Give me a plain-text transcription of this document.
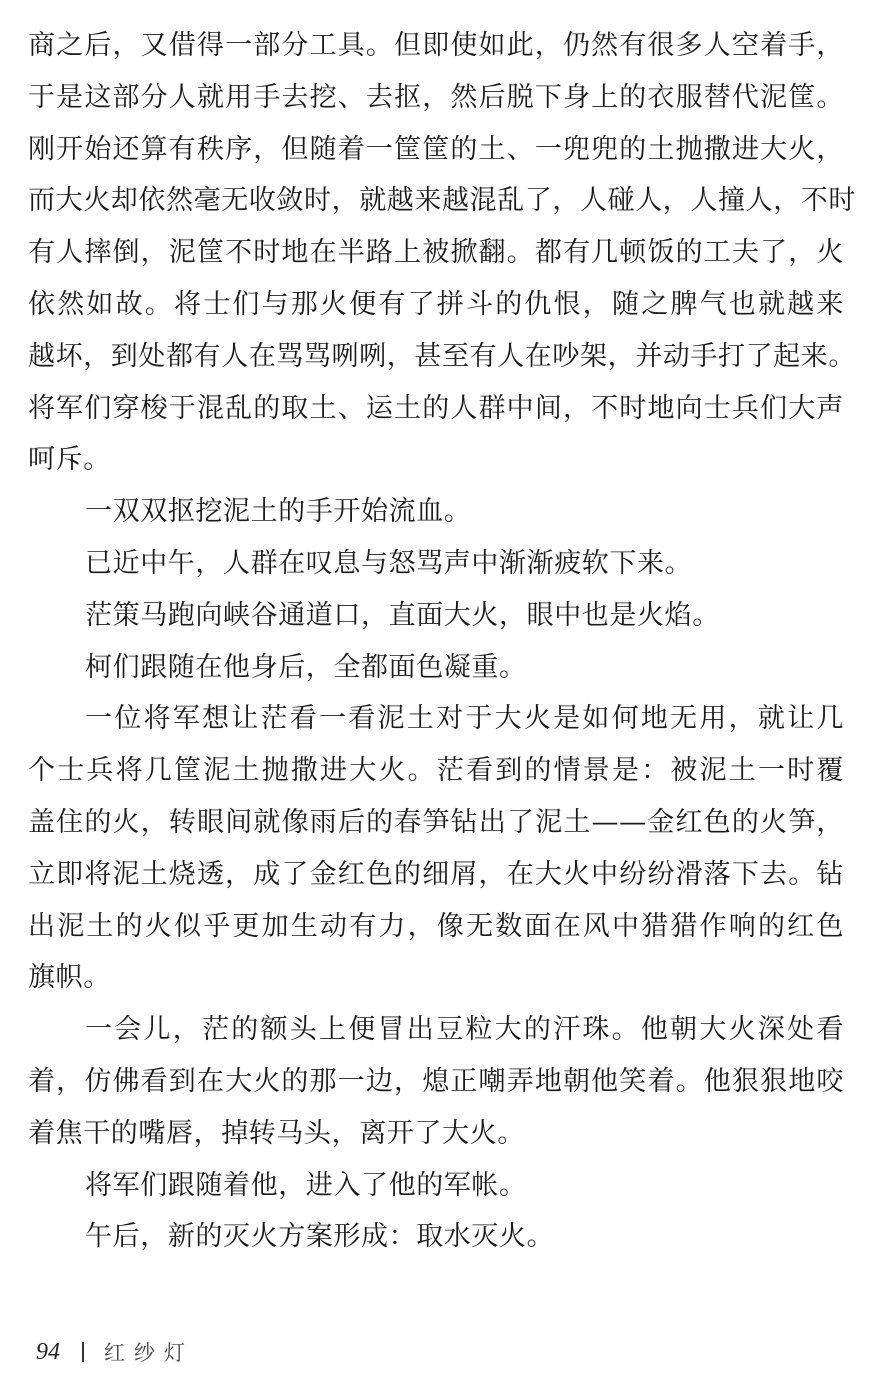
商之后，又借得一部分工具。但即使如此，仍然有很多人空着手，
于是这部分人就用手去挖、去抠，然后脱下身上的衣服替代泥筐。
刚开始还算有秩序，但随着一筐筐的土、一兜兜的土抛撒进大火，
而大火却依然毫无收敛时，就越来越混乱了，人碰人，人撞人，不时
有人摔倒，泥筐不时地在半路上被掀翻。都有几顿饭的工夫了，火
依然如故。将士们与那火便有了拼斗的仇恨，随之脾气也就越来
越坏，到处都有人在骂骂咧咧，甚至有人在吵架，并动手打了起来。
将军们穿梭于混乱的取土、运土的人群中间，不时地向士兵们大声
呵斥。
一双双抠挖泥土的手开始流血。
已近中午，人群在叹息与怒骂声中渐渐疲软下来。
茫策马跑向峡谷通道口，直面大火，眼中也是火焰。
柯们跟随在他身后，全都面色凝重。
一位将军想让茫看一看泥土对于大火是如何地无用，就让几
个士兵将几筐泥土抛撒进大火。茫看到的情景是：被泥土一时覆
盖住的火，转眼间就像雨后的春笋钻出了泥土——金红色的火笋，
立即将泥土烧透，成了金红色的细屑，在大火中纷纷滑落下去。钻
出泥土的火似乎更加生动有力，像无数面在风中猎猎作响的红色
旗帜。
一会儿，茫的额头上便冒出豆粒大的汗珠。他朝大火深处看
着，仿佛看到在大火的那一边，熄正嘲弄地朝他笑着。他狠狠地咬
着焦干的嘴唇，掉转马头，离开了大火。
将军们跟随着他，进入了他的军帐。
午后，新的灭火方案形成：取水灭火。
94	红纱灯
